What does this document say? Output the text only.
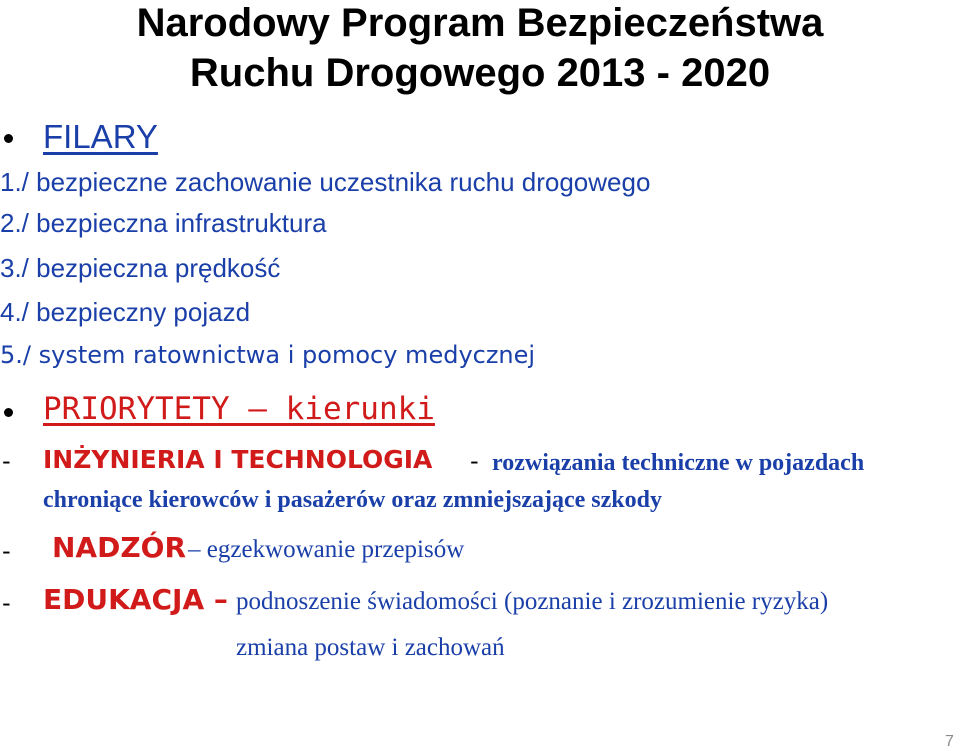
Narodowy Program Bezpieczeństwa
Ruchu Drogowego 2013 - 2020
FILARY
1./ bezpieczne zachowanie uczestnika ruchu drogowego
2./ bezpieczna infrastruktura
3./ bezpieczna prędkość
4./ bezpieczny pojazd
5./ system ratownictwa i pomocy medycznej
PRIORYTETY – kierunki
- INŻYNIERIA I TECHNOLOGIA - rozwiązania techniczne w pojazdach
chroniące kierowców i pasażerów oraz zmniejszające szkody
- NADZÓR – egzekwowanie przepisów
- EDUKACJA – podnoszenie świadomości (poznanie i zrozumienie ryzyka)
zmiana postaw i zachowań
7
